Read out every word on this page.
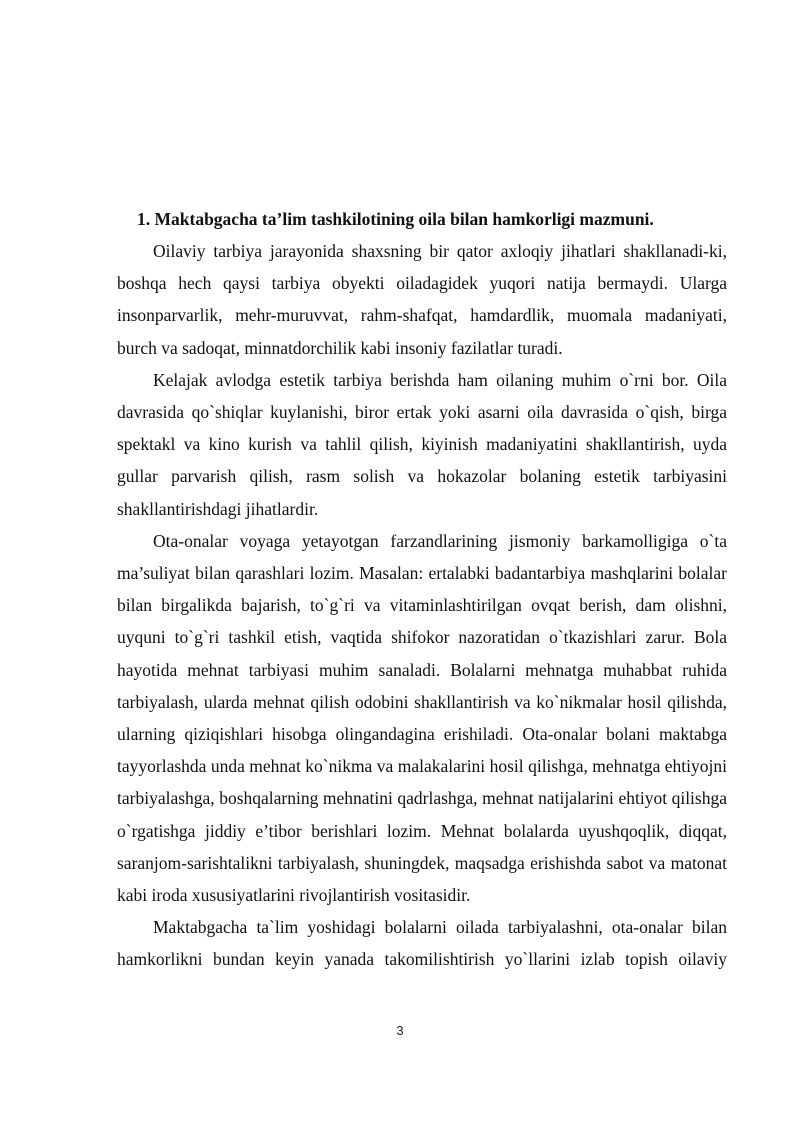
1. Maktabgacha ta’lim tashkilotining oila bilan hamkorligi mazmuni.

Oilaviy tarbiya jarayonida shaxsning bir qator axloqiy jihatlari shakllanadi-ki, boshqa hech qaysi tarbiya obyekti oiladagidek yuqori natija bermaydi. Ularga insonparvarlik, mehr-muruvvat, rahm-shafqat, hamdardlik, muomala madaniyati, burch va sadoqat, minnatdorchilik kabi insoniy fazilatlar turadi.

Kelajak avlodga estetik tarbiya berishda ham oilaning muhim o`rni bor. Oila davrasida qo`shiqlar kuylanishi, biror ertak yoki asarni oila davrasida o`qish, birga spektakl va kino kurish va tahlil qilish, kiyinish madaniyatini shakllantirish, uyda gullar parvarish qilish, rasm solish va hokazolar bolaning estetik tarbiyasini shakllantirishdagi jihatlardir.

Ota-onalar voyaga yetayotgan farzandlarining jismoniy barkamolligiga o`ta ma’suliyat bilan qarashlari lozim. Masalan: ertalabki badantarbiya mashqlarini bolalar bilan birgalikda bajarish, to`g`ri va vitaminlashtirilgan ovqat berish, dam olishni, uyquni to`g`ri tashkil etish, vaqtida shifokor nazoratidan o`tkazishlari zarur. Bola hayotida mehnat tarbiyasi muhim sanaladi. Bolalarni mehnatga muhabbat ruhida tarbiyalash, ularda mehnat qilish odobini shakllantirish va ko`nikmalar hosil qilishda, ularning qiziqishlari hisobga olingandagina erishiladi. Ota-onalar bolani maktabga tayyorlashda unda mehnat ko`nikma va malakalarini hosil qilishga, mehnatga ehtiyojni tarbiyalashga, boshqalarning mehnatini qadrlashga, mehnat natijalarini ehtiyot qilishga o`rgatishga jiddiy e’tibor berishlari lozim. Mehnat bolalarda uyushqoqlik, diqqat, saranjom-sarishtalikni tarbiyalash, shuningdek, maqsadga erishishda sabot va matonat kabi iroda xususiyatlarini rivojlantirish vositasidir.

Maktabgacha ta`lim yoshidagi bolalarni oilada tarbiyalashni, ota-onalar bilan hamkorlikni bundan keyin yanada takomilishtirish yo`llarini izlab topish oilaviy

3
